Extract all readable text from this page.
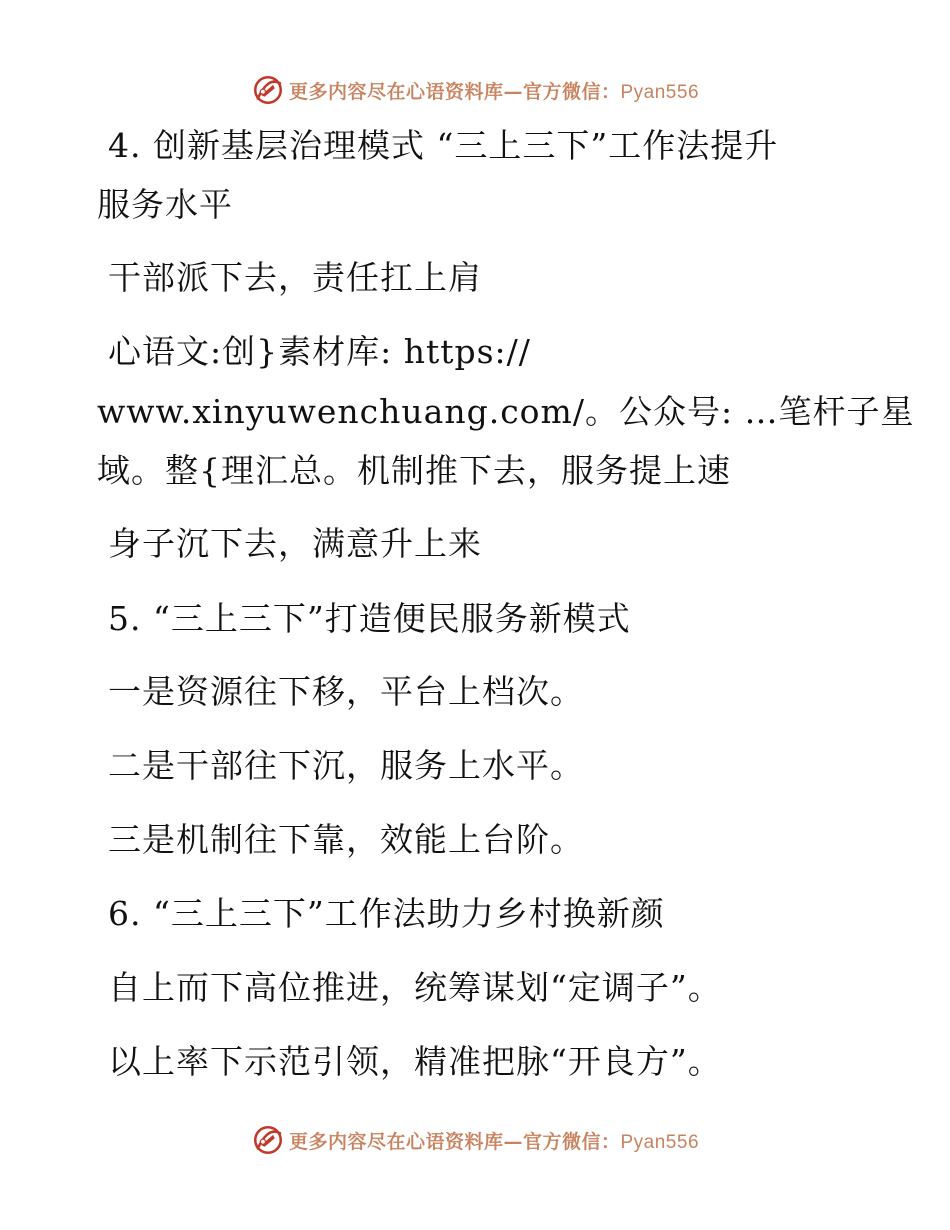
更多内容尽在心语资料库—官方微信：Pyan556
4. 创新基层治理模式 “三上三下”工作法提升
服务水平
干部派下去，责任扛上肩
心语文:创}素材库: https://
www.xinyuwenchuang.com/。公众号: …笔杆子星
域。整{理汇总。机制推下去，服务提上速
身子沉下去，满意升上来
5. “三上三下”打造便民服务新模式
一是资源往下移，平台上档次。
二是干部往下沉，服务上水平。
三是机制往下靠，效能上台阶。
6. “三上三下”工作法助力乡村换新颜
自上而下高位推进，统筹谋划“定调子”。
以上率下示范引领，精准把脉“开良方”。
更多内容尽在心语资料库—官方微信：Pyan556
